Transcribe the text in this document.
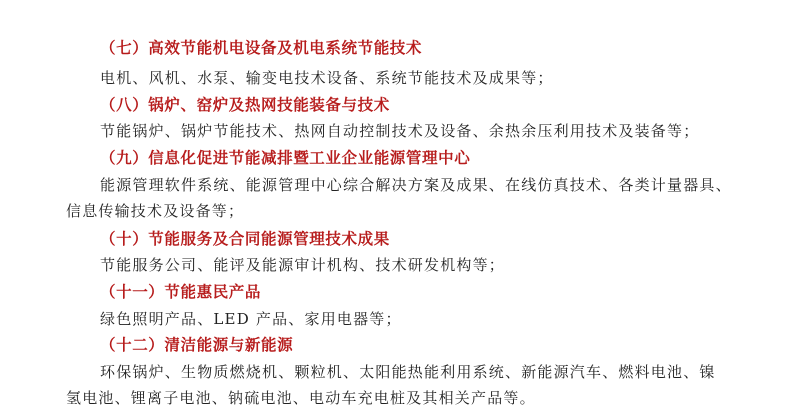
（七）高效节能机电设备及机电系统节能技术
电机、风机、水泵、输变电技术设备、系统节能技术及成果等；
（八）锅炉、窑炉及热网技能装备与技术
节能锅炉、锅炉节能技术、热网自动控制技术及设备、余热余压利用技术及装备等；
（九）信息化促进节能减排暨工业企业能源管理中心
能源管理软件系统、能源管理中心综合解决方案及成果、在线仿真技术、各类计量器具、
信息传输技术及设备等；
（十）节能服务及合同能源管理技术成果
节能服务公司、能评及能源审计机构、技术研发机构等；
（十一）节能惠民产品
绿色照明产品、LED 产品、家用电器等；
（十二）清洁能源与新能源
环保锅炉、生物质燃烧机、颗粒机、太阳能热能利用系统、新能源汽车、燃料电池、镍
氢电池、锂离子电池、钠硫电池、电动车充电桩及其相关产品等。
